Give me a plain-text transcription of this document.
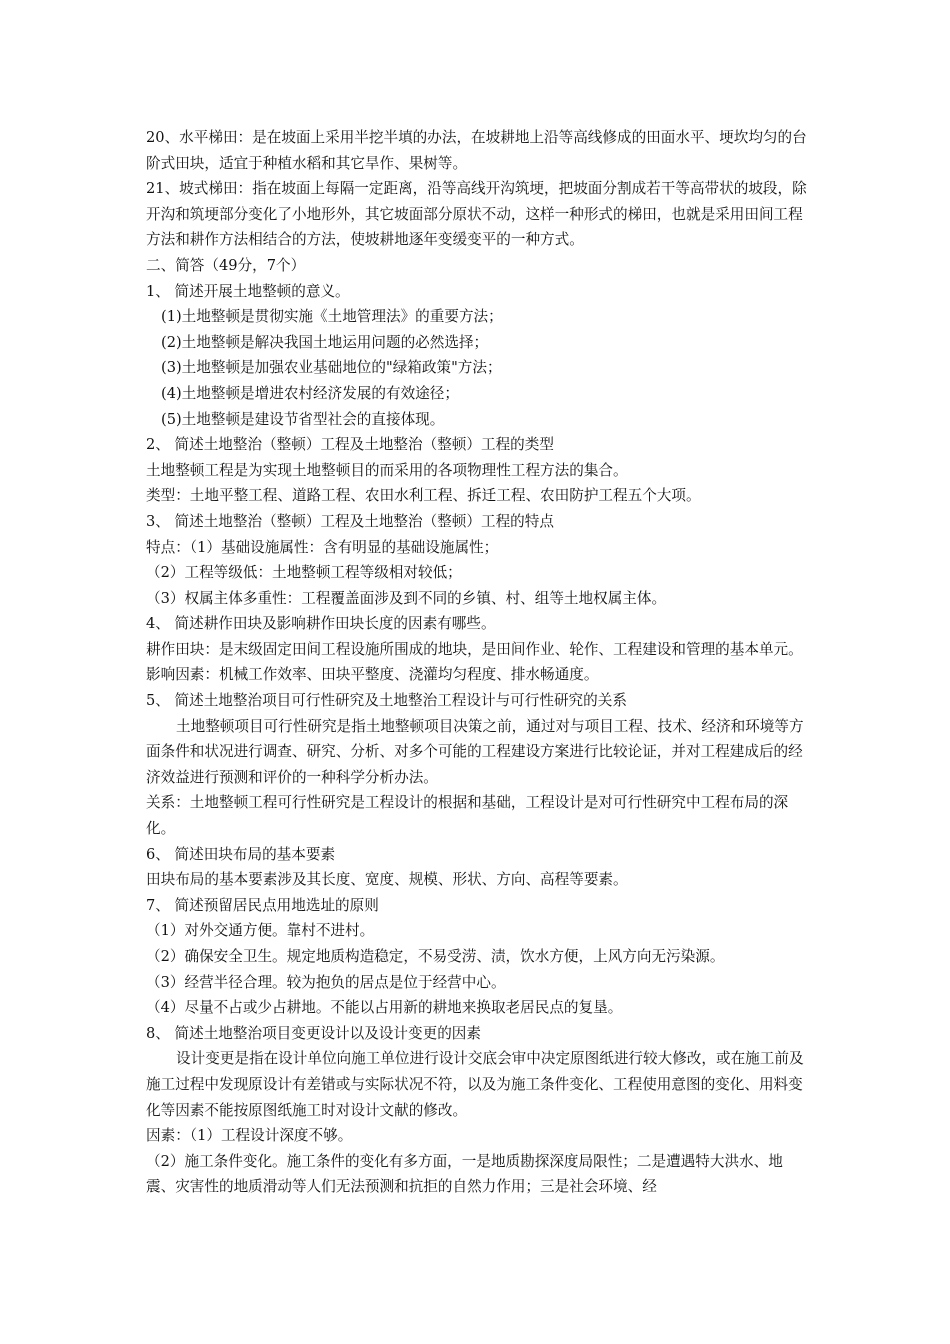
20、水平梯田：是在坡面上采用半挖半填的办法，在坡耕地上沿等高线修成的田面水平、埂坎均匀的台阶式田块，适宜于种植水稻和其它旱作、果树等。

21、坡式梯田：指在坡面上每隔一定距离，沿等高线开沟筑埂，把坡面分割成若干等高带状的坡段，除开沟和筑埂部分变化了小地形外，其它坡面部分原状不动，这样一种形式的梯田，也就是采用田间工程方法和耕作方法相结合的方法，使坡耕地逐年变缓变平的一种方式。

二、简答（49分，7个）

1、 简述开展土地整顿的意义。

(1)土地整顿是贯彻实施《土地管理法》的重要方法；

(2)土地整顿是解决我国土地运用问题的必然选择；

(3)土地整顿是加强农业基础地位的"绿箱政策"方法；

(4)土地整顿是增进农村经济发展的有效途径；

(5)土地整顿是建设节省型社会的直接体现。

2、 简述土地整治（整顿）工程及土地整治（整顿）工程的类型

土地整顿工程是为实现土地整顿目的而采用的各项物理性工程方法的集合。

类型：土地平整工程、道路工程、农田水利工程、拆迁工程、农田防护工程五个大项。

3、 简述土地整治（整顿）工程及土地整治（整顿）工程的特点

特点：（1）基础设施属性：含有明显的基础设施属性；

（2）工程等级低：土地整顿工程等级相对较低；

（3）权属主体多重性：工程覆盖面涉及到不同的乡镇、村、组等土地权属主体。

4、 简述耕作田块及影响耕作田块长度的因素有哪些。

耕作田块：是末级固定田间工程设施所围成的地块，是田间作业、轮作、工程建设和管理的基本单元。

影响因素：机械工作效率、田块平整度、浇灌均匀程度、排水畅通度。

5、 简述土地整治项目可行性研究及土地整治工程设计与可行性研究的关系

土地整顿项目可行性研究是指土地整顿项目决策之前，通过对与项目工程、技术、经济和环境等方面条件和状况进行调查、研究、分析、对多个可能的工程建设方案进行比较论证，并对工程建成后的经济效益进行预测和评价的一种科学分析办法。

关系：土地整顿工程可行性研究是工程设计的根据和基础，工程设计是对可行性研究中工程布局的深化。

6、 简述田块布局的基本要素

田块布局的基本要素涉及其长度、宽度、规模、形状、方向、高程等要素。

7、 简述预留居民点用地选址的原则

（1）对外交通方便。靠村不进村。

（2）确保安全卫生。规定地质构造稳定，不易受涝、渍，饮水方便，上风方向无污染源。

（3）经营半径合理。较为抱负的居点是位于经营中心。

（4）尽量不占或少占耕地。不能以占用新的耕地来换取老居民点的复垦。

8、 简述土地整治项目变更设计以及设计变更的因素

设计变更是指在设计单位向施工单位进行设计交底会审中决定原图纸进行较大修改，或在施工前及施工过程中发现原设计有差错或与实际状况不符，以及为施工条件变化、工程使用意图的变化、用料变化等因素不能按原图纸施工时对设计文献的修改。

因素：（1）工程设计深度不够。

（2）施工条件变化。施工条件的变化有多方面，一是地质勘探深度局限性；二是遭遇特大洪水、地震、灾害性的地质滑动等人们无法预测和抗拒的自然力作用；三是社会环境、经
